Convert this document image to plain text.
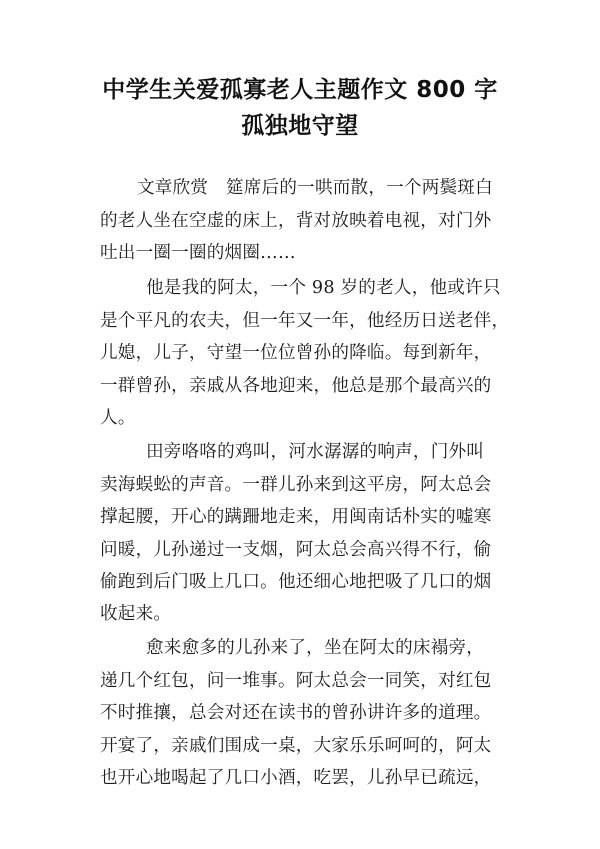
中学生关爱孤寡老人主题作文 800 字
孤独地守望
文章欣赏　筵席后的一哄而散，一个两鬓斑白
的老人坐在空虚的床上，背对放映着电视，对门外
吐出一圈一圈的烟圈……
他是我的阿太，一个 98 岁的老人，他或许只
是个平凡的农夫，但一年又一年，他经历日送老伴，
儿媳，儿子，守望一位位曾孙的降临。每到新年，
一群曾孙，亲戚从各地迎来，他总是那个最高兴的
人。
田旁咯咯的鸡叫，河水潺潺的响声，门外叫
卖海蜈蚣的声音。一群儿孙来到这平房，阿太总会
撑起腰，开心的蹒跚地走来，用闽南话朴实的嘘寒
问暖，儿孙递过一支烟，阿太总会高兴得不行，偷
偷跑到后门吸上几口。他还细心地把吸了几口的烟
收起来。
愈来愈多的儿孙来了，坐在阿太的床褟旁，
递几个红包，问一堆事。阿太总会一同笑，对红包
不时推攘，总会对还在读书的曾孙讲许多的道理。
开宴了，亲戚们围成一桌，大家乐乐呵呵的，阿太
也开心地喝起了几口小酒，吃罢，儿孙早已疏远，
